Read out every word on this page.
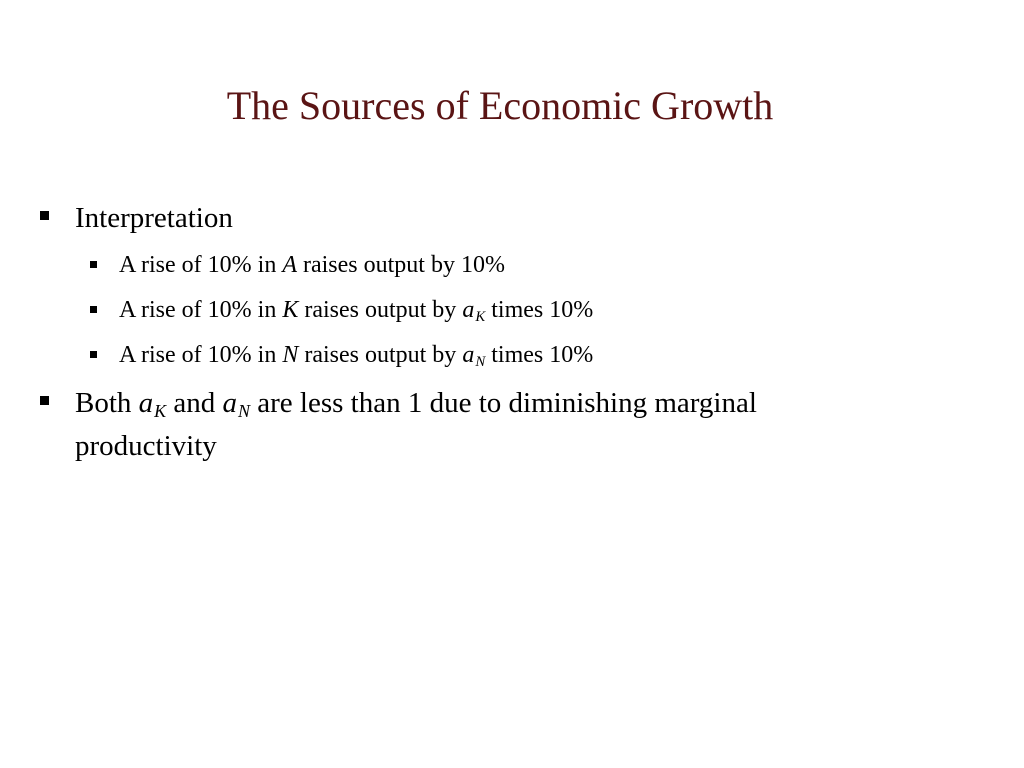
The Sources of Economic Growth
Interpretation
A rise of 10% in A raises output by 10%
A rise of 10% in K raises output by aK times 10%
A rise of 10% in N raises output by aN times 10%
Both aK and aN are less than 1 due to diminishing marginal
productivity
